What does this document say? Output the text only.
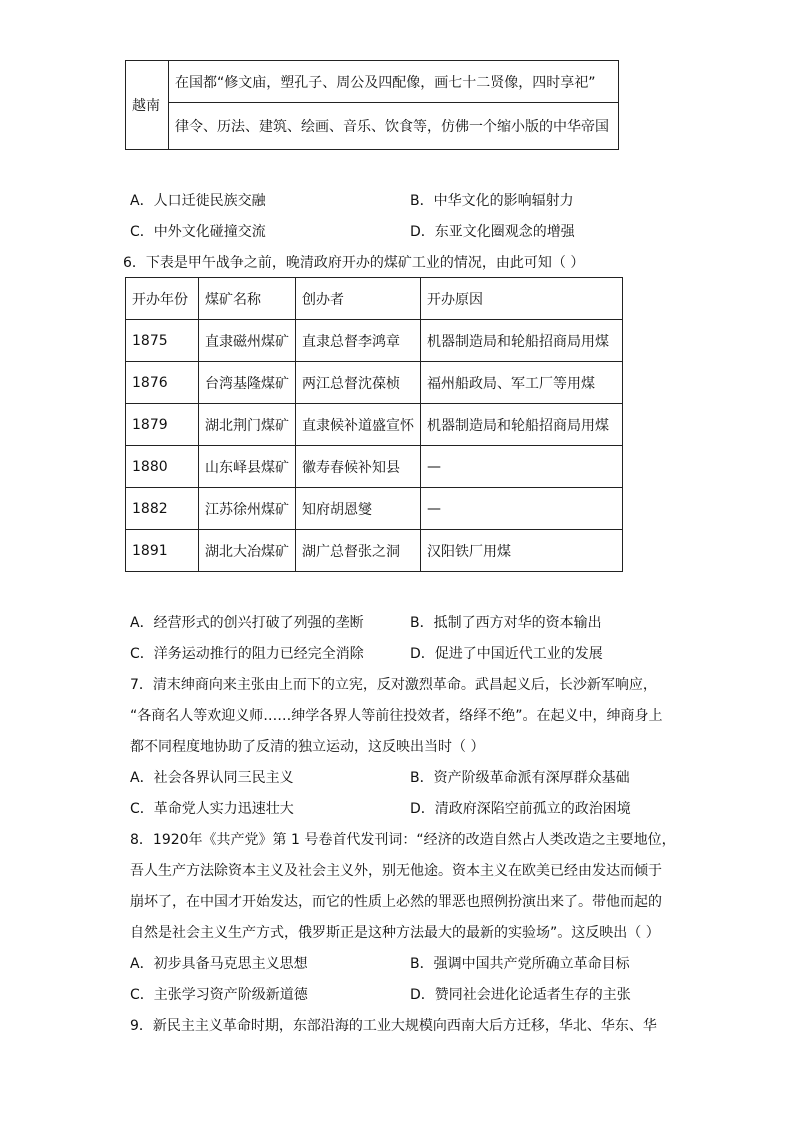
越南	在国都“修文庙，塑孔子、周公及四配像，画七十二贤像，四时享祀”
律令、历法、建筑、绘画、音乐、饮食等，仿佛一个缩小版的中华帝国
A．人口迁徙民族交融	B．中华文化的影响辐射力
C．中外文化碰撞交流	D．东亚文化圈观念的增强
6．下表是甲午战争之前，晚清政府开办的煤矿工业的情况，由此可知（ ）
开办年份	煤矿名称	创办者	开办原因
1875	直隶磁州煤矿	直隶总督李鸿章	机器制造局和轮船招商局用煤
1876	台湾基隆煤矿	两江总督沈葆桢	福州船政局、军工厂等用煤
1879	湖北荆门煤矿	直隶候补道盛宣怀	机器制造局和轮船招商局用煤
1880	山东峄县煤矿	徽寿春候补知县	—
1882	江苏徐州煤矿	知府胡恩燮	—
1891	湖北大冶煤矿	湖广总督张之洞	汉阳铁厂用煤
A．经营形式的创兴打破了列强的垄断	B．抵制了西方对华的资本输出
C．洋务运动推行的阻力已经完全消除	D．促进了中国近代工业的发展
7．清末绅商向来主张由上而下的立宪，反对激烈革命。武昌起义后，长沙新军响应，
“各商名人等欢迎义师……绅学各界人等前往投效者，络绎不绝”。在起义中，绅商身上
都不同程度地协助了反清的独立运动，这反映出当时（ ）
A．社会各界认同三民主义	B．资产阶级革命派有深厚群众基础
C．革命党人实力迅速壮大	D．清政府深陷空前孤立的政治困境
8．1920年《共产党》第 1 号卷首代发刊词：“经济的改造自然占人类改造之主要地位，
吾人生产方法除资本主义及社会主义外，别无他途。资本主义在欧美已经由发达而倾于
崩坏了，在中国才开始发达，而它的性质上必然的罪恶也照例扮演出来了。带他而起的
自然是社会主义生产方式，俄罗斯正是这种方法最大的最新的实验场”。这反映出（ ）
A．初步具备马克思主义思想	B．强调中国共产党所确立革命目标
C．主张学习资产阶级新道德	D．赞同社会进化论适者生存的主张
9．新民主主义革命时期，东部沿海的工业大规模向西南大后方迁移，华北、华东、华
